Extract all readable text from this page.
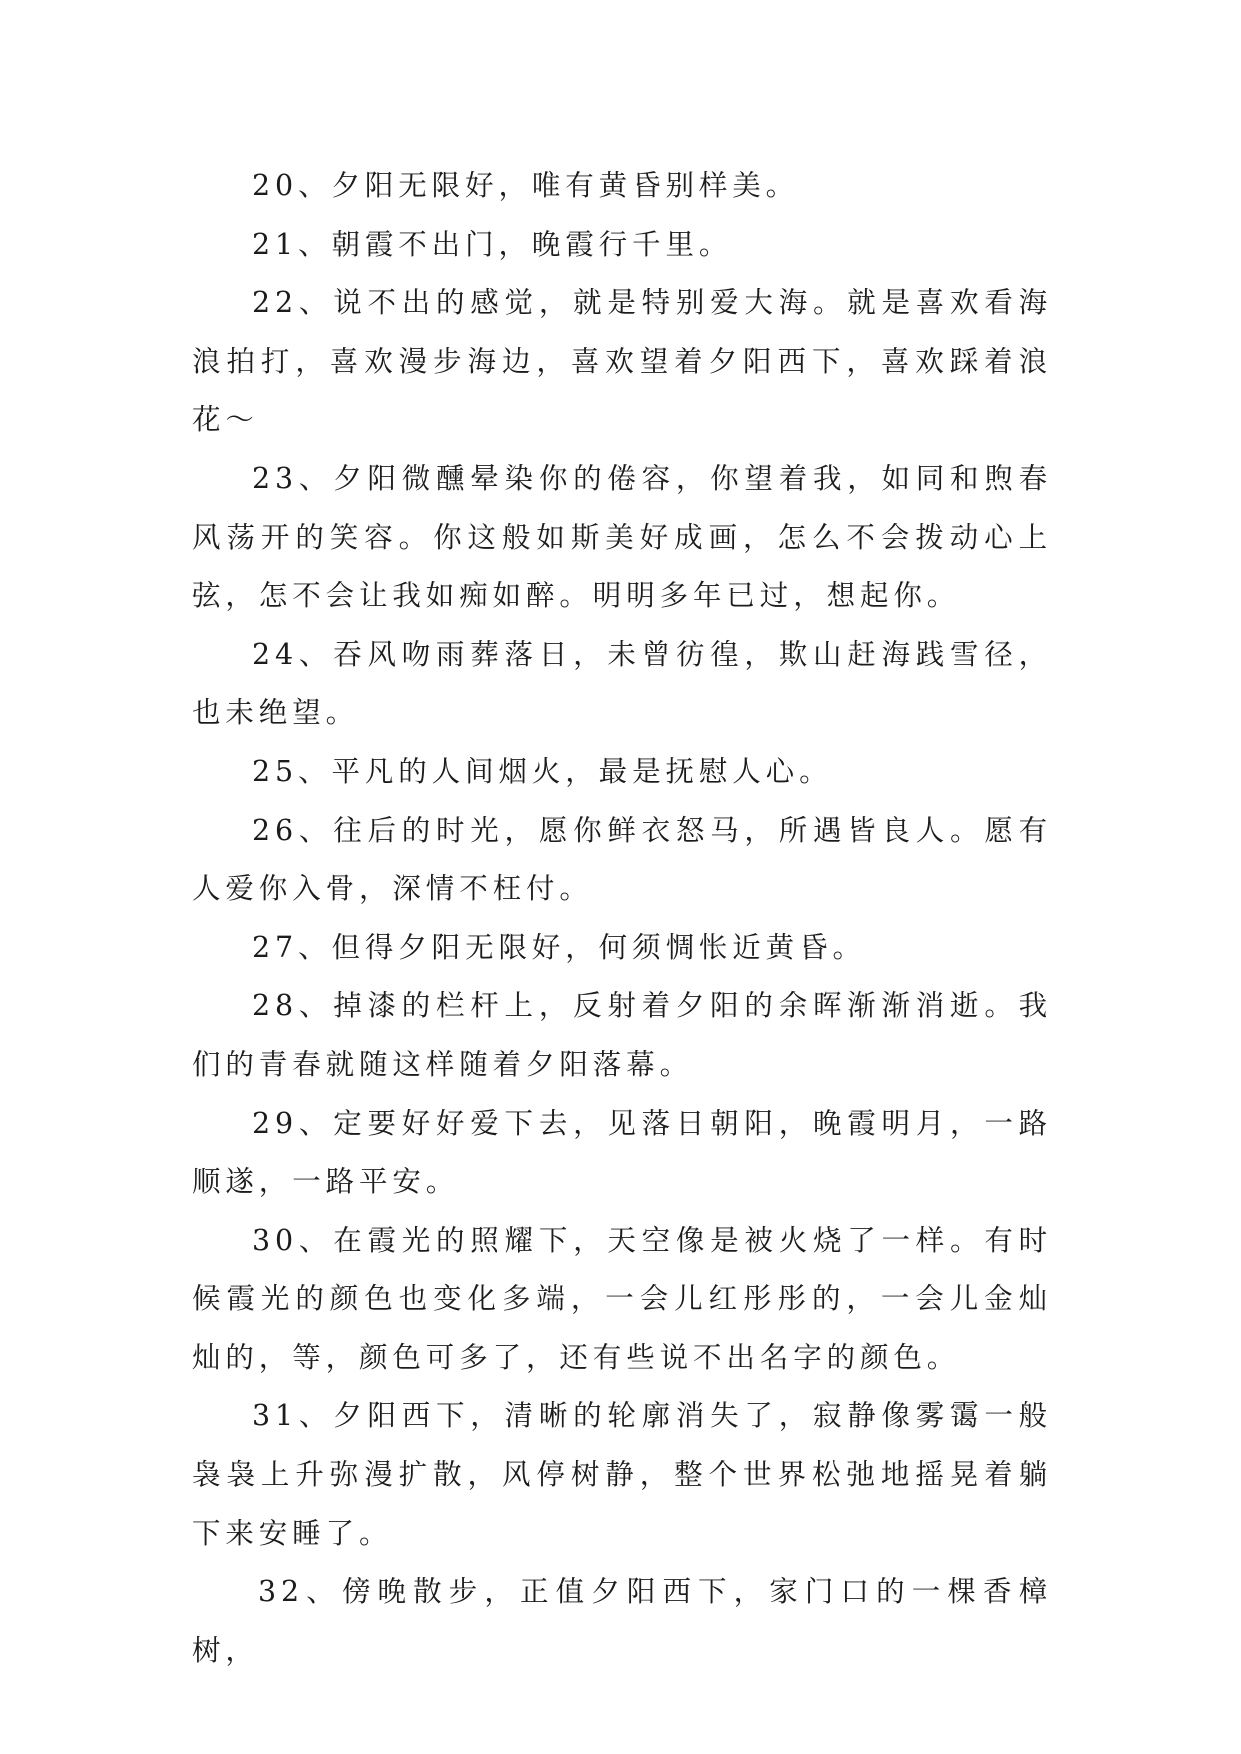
20、夕阳无限好，唯有黄昏别样美。

21、朝霞不出门，晚霞行千里。

22、说不出的感觉，就是特别爱大海。就是喜欢看海浪拍打，喜欢漫步海边，喜欢望着夕阳西下，喜欢踩着浪花～

23、夕阳微醺晕染你的倦容，你望着我，如同和煦春风荡开的笑容。你这般如斯美好成画，怎么不会拨动心上弦，怎不会让我如痴如醉。明明多年已过，想起你。

24、吞风吻雨葬落日，未曾彷徨，欺山赶海践雪径，也未绝望。

25、平凡的人间烟火，最是抚慰人心。

26、往后的时光，愿你鲜衣怒马，所遇皆良人。愿有人爱你入骨，深情不枉付。

27、但得夕阳无限好，何须惆怅近黄昏。

28、掉漆的栏杆上，反射着夕阳的余晖渐渐消逝。我们的青春就随这样随着夕阳落幕。

29、定要好好爱下去，见落日朝阳，晚霞明月，一路顺遂，一路平安。

30、在霞光的照耀下，天空像是被火烧了一样。有时候霞光的颜色也变化多端，一会儿红彤彤的，一会儿金灿灿的，等，颜色可多了，还有些说不出名字的颜色。

31、夕阳西下，清晰的轮廓消失了，寂静像雾霭一般袅袅上升弥漫扩散，风停树静，整个世界松弛地摇晃着躺下来安睡了。

32、傍晚散步，正值夕阳西下，家门口的一棵香樟树，
